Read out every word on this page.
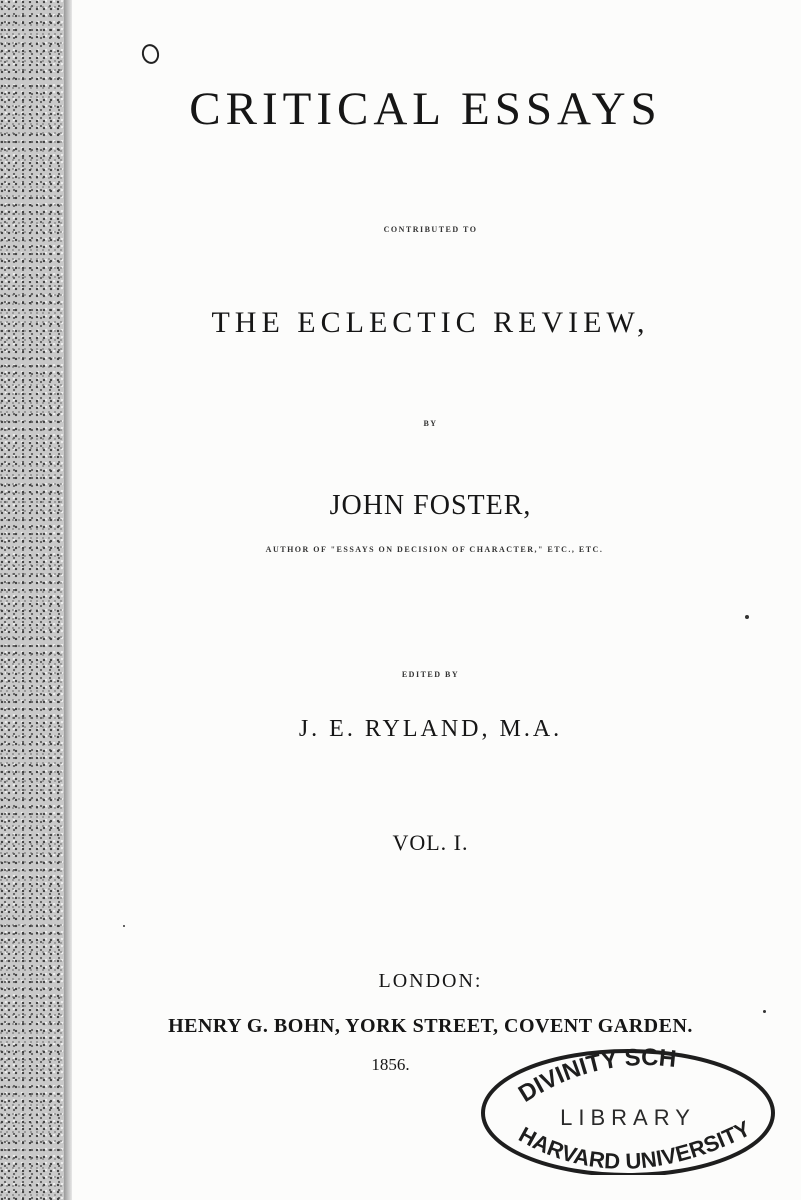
CRITICAL ESSAYS
CONTRIBUTED TO
THE ECLECTIC REVIEW,
BY
JOHN FOSTER,
AUTHOR OF "ESSAYS ON DECISION OF CHARACTER," ETC., ETC.
EDITED BY
J. E. RYLAND, M.A.
VOL. I.
LONDON:
HENRY G. BOHN, YORK STREET, COVENT GARDEN.
1856.
DIVINITY SCH
LIBRARY
HARVARD UNIVERSITY
